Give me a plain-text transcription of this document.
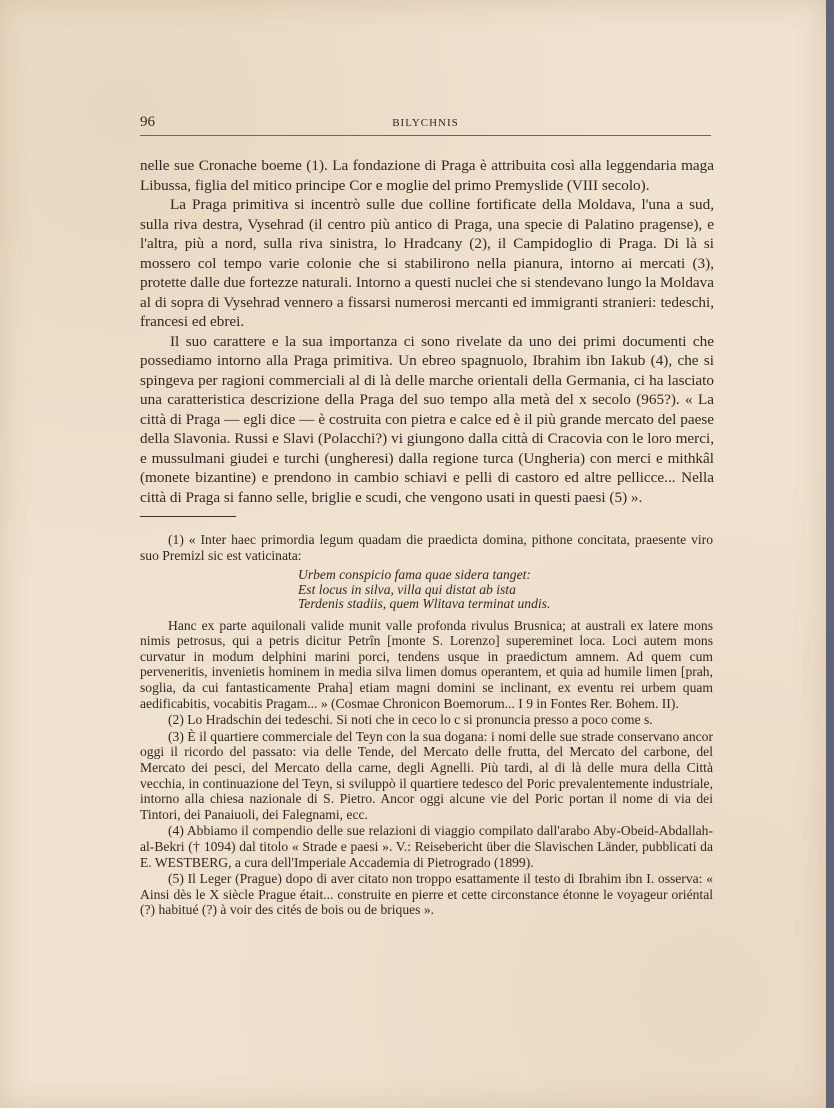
96	BILYCHNIS

nelle sue Cronache boeme (1). La fondazione di Praga è attribuita così alla leggendaria maga Libussa, figlia del mitico principe Cor e moglie del primo Premyslide (VIII secolo).

La Praga primitiva si incentrò sulle due colline fortificate della Moldava, l'una a sud, sulla riva destra, Vysehrad (il centro più antico di Praga, una specie di Palatino pragense), e l'altra, più a nord, sulla riva sinistra, lo Hradcany (2), il Campidoglio di Praga. Di là si mossero col tempo varie colonie che si stabilirono nella pianura, intorno ai mercati (3), protette dalle due fortezze naturali. Intorno a questi nuclei che si stendevano lungo la Moldava al di sopra di Vysehrad vennero a fissarsi numerosi mercanti ed immigranti stranieri: tedeschi, francesi ed ebrei.

Il suo carattere e la sua importanza ci sono rivelate da uno dei primi documenti che possediamo intorno alla Praga primitiva. Un ebreo spagnuolo, Ibrahim ibn Iakub (4), che si spingeva per ragioni commerciali al di là delle marche orientali della Germania, ci ha lasciato una caratteristica descrizione della Praga del suo tempo alla metà del x secolo (965?). « La città di Praga — egli dice — è costruita con pietra e calce ed è il più grande mercato del paese della Slavonia. Russi e Slavi (Polacchi?) vi giungono dalla città di Cracovia con le loro merci, e mussulmani giudei e turchi (ungheresi) dalla regione turca (Ungheria) con merci e mithkâl (monete bizantine) e prendono in cambio schiavi e pelli di castoro ed altre pellicce... Nella città di Praga si fanno selle, briglie e scudi, che vengono usati in questi paesi (5) ».

(1) « Inter haec primordia legum quadam die praedicta domina, pithone concitata, praesente viro suo Premizl sic est vaticinata:

Urbem conspicio fama quae sidera tanget:
Est locus in silva, villa qui distat ab ista
Terdenis stadiis, quem Wlitava terminat undis.

Hanc ex parte aquilonali valide munit valle profonda rivulus Brusnica; at australi ex latere mons nimis petrosus, qui a petris dicitur Petrîn [monte S. Lorenzo] supereminet loca. Loci autem mons curvatur in modum delphini marini porci, tendens usque in praedictum amnem. Ad quem cum perveneritis, invenietis hominem in media silva limen domus operantem, et quia ad humile limen [prah, soglia, da cui fantasticamente Praha] etiam magni domini se inclinant, ex eventu rei urbem quam aedificabitis, vocabitis Pragam... » (Cosmae Chronicon Boemorum... I 9 in Fontes Rer. Bohem. II).

(2) Lo Hradschin dei tedeschi. Si noti che in ceco lo c si pronuncia presso a poco come s.

(3) È il quartiere commerciale del Teyn con la sua dogana: i nomi delle sue strade conservano ancor oggi il ricordo del passato: via delle Tende, del Mercato delle frutta, del Mercato del carbone, del Mercato dei pesci, del Mercato della carne, degli Agnelli. Più tardi, al di là delle mura della Città vecchia, in continuazione del Teyn, si sviluppò il quartiere tedesco del Poric prevalentemente industriale, intorno alla chiesa nazionale di S. Pietro. Ancor oggi alcune vie del Poric portan il nome di via dei Tintori, dei Panaiuoli, dei Falegnami, ecc.

(4) Abbiamo il compendio delle sue relazioni di viaggio compilato dall'arabo Aby-Obeid-Abdallah-al-Bekri († 1094) dal titolo « Strade e paesi ». V.: Reisebericht über die Slavischen Länder, pubblicati da E. WESTBERG, a cura dell'Imperiale Accademia di Pietrogrado (1899).

(5) Il Leger (Prague) dopo di aver citato non troppo esattamente il testo di Ibrahim ibn I. osserva: « Ainsi dès le X siècle Prague était... construite en pierre et cette circonstance étonne le voyageur oriéntal (?) habitué (?) à voir des cités de bois ou de briques ».
